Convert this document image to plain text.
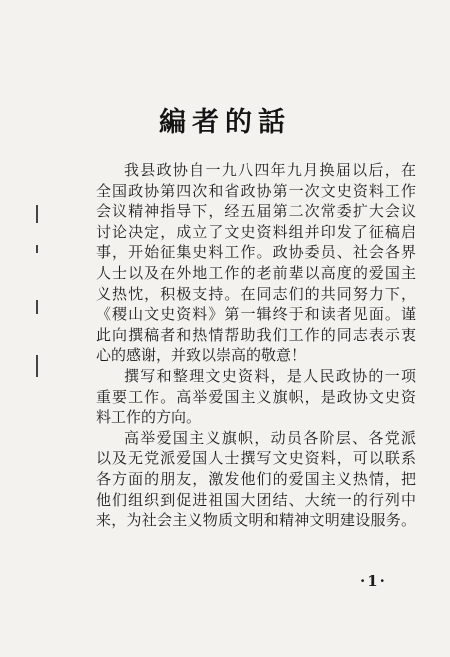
編者的話
我县政协自一九八四年九月换届以后，在
全国政协第四次和省政协第一次文史资料工作
会议精神指导下，经五届第二次常委扩大会议
讨论决定，成立了文史资料组并印发了征稿启
事，开始征集史料工作。政协委员、社会各界
人士以及在外地工作的老前辈以高度的爱国主
义热忱，积极支持。在同志们的共同努力下，
《稷山文史资料》第一辑终于和读者见面。谨
此向撰稿者和热情帮助我们工作的同志表示衷
心的感谢，并致以崇高的敬意！
撰写和整理文史资料，是人民政协的一项
重要工作。高举爱国主义旗帜，是政协文史资
料工作的方向。
高举爱国主义旗帜，动员各阶层、各党派
以及无党派爱国人士撰写文史资料，可以联系
各方面的朋友，激发他们的爱国主义热情，把
他们组织到促进祖国大团结、大统一的行列中
来，为社会主义物质文明和精神文明建设服务。
·1·
